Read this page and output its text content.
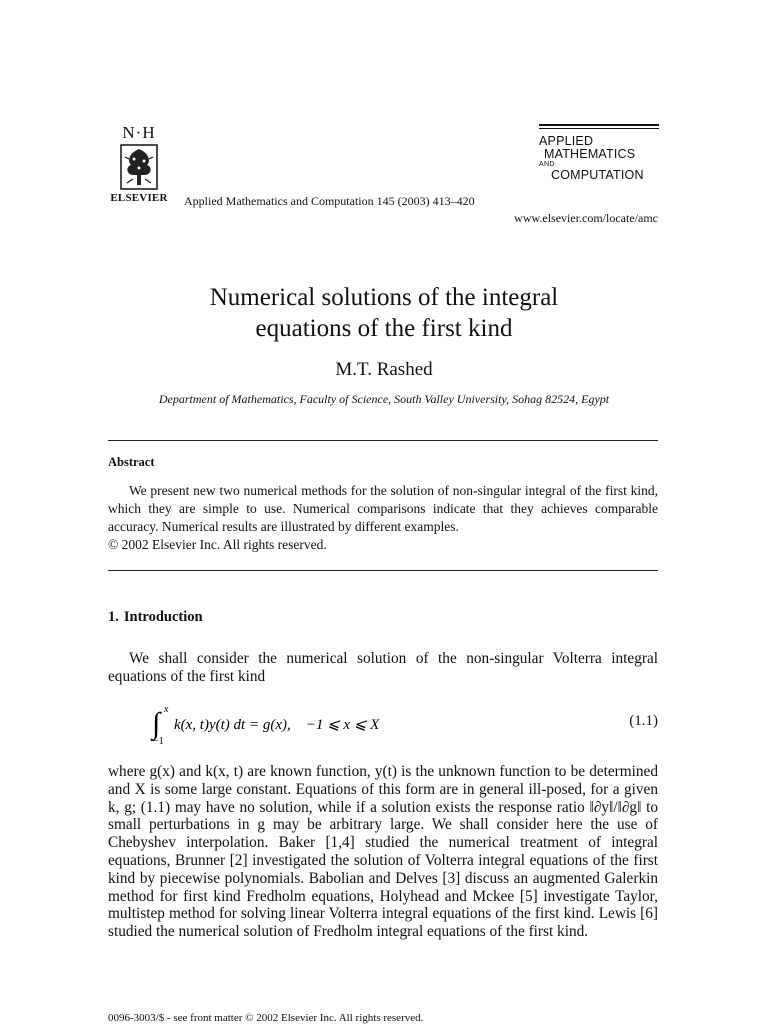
N·H
ELSEVIER Applied Mathematics and Computation 145 (2003) 413–420
APPLIED
MATHEMATICS
AND
COMPUTATION
www.elsevier.com/locate/amc
Numerical solutions of the integral
equations of the first kind
M.T. Rashed
Department of Mathematics, Faculty of Science, South Valley University, Sohag 82524, Egypt
Abstract

We present new two numerical methods for the solution of non-singular integral of the first kind, which they are simple to use. Numerical comparisons indicate that they achieves comparable accuracy. Numerical results are illustrated by different examples.

© 2002 Elsevier Inc. All rights reserved.
1. Introduction

We shall consider the numerical solution of the non-singular Volterra integral equations of the first kind

∫ x
−1
k(x, t)y(t) dt = g(x),    −1 ⩽ x ⩽ X	(1.1)

where g(x) and k(x, t) are known function, y(t) is the unknown function to be determined and X is some large constant. Equations of this form are in general ill-posed, for a given k, g; (1.1) may have no solution, while if a solution exists the response ratio ‖∂y‖/‖∂g‖ to small perturbations in g may be arbitrary large. We shall consider here the use of Chebyshev interpolation. Baker [1,4] studied the numerical treatment of integral equations, Brunner [2] investigated the solution of Volterra integral equations of the first kind by piecewise polynomials. Babolian and Delves [3] discuss an augmented Galerkin method for first kind Fredholm equations, Holyhead and Mckee [5] investigate Taylor, multistep method for solving linear Volterra integral equations of the first kind. Lewis [6] studied the numerical solution of Fredholm integral equations of the first kind.

0096-3003/$ - see front matter © 2002 Elsevier Inc. All rights reserved.
